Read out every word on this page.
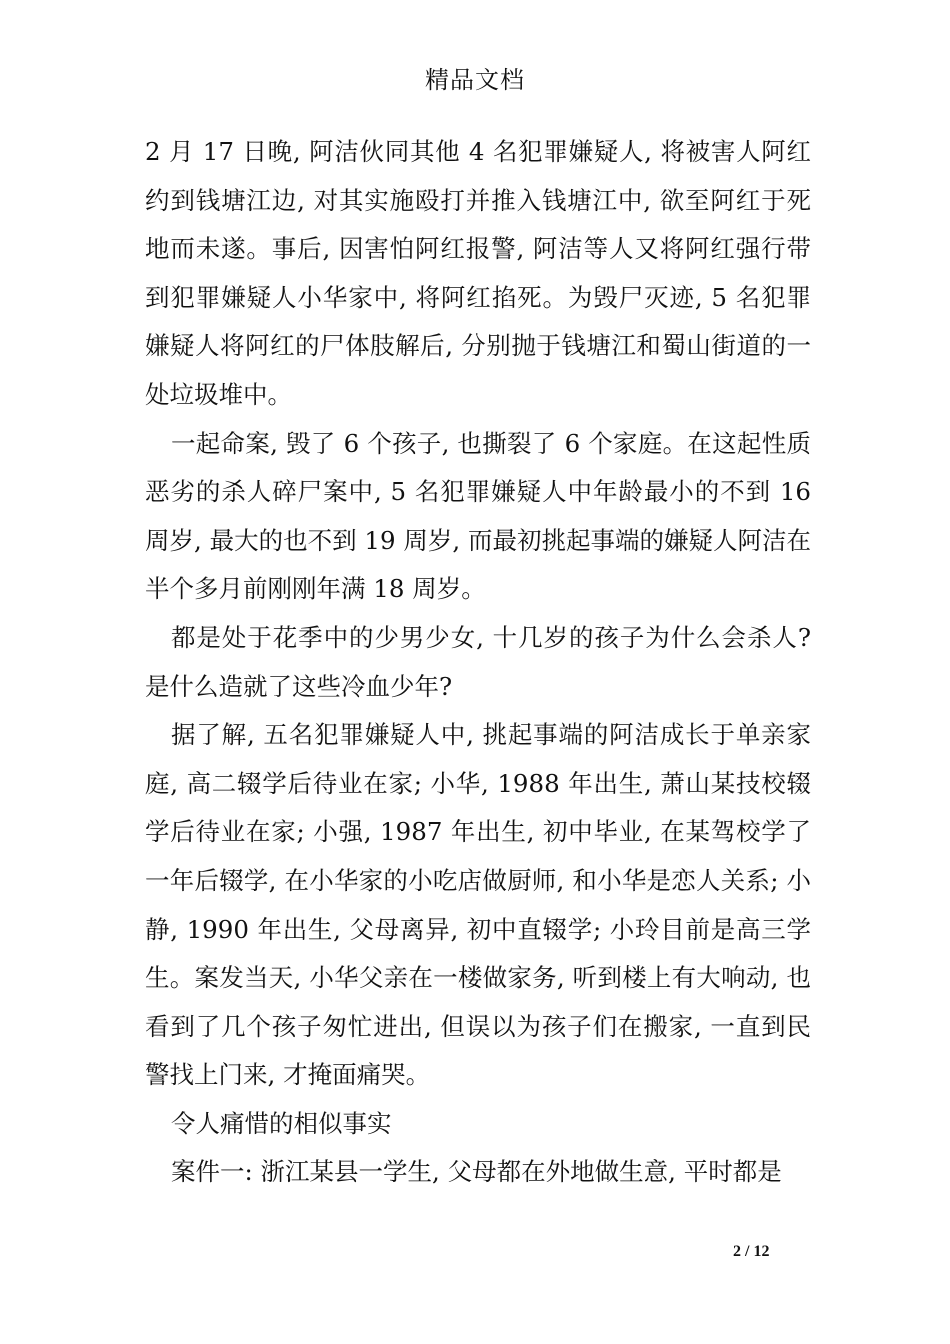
精品文档

2 月 17 日晚, 阿洁伙同其他 4 名犯罪嫌疑人, 将被害人阿红约到钱塘江边, 对其实施殴打并推入钱塘江中, 欲至阿红于死地而未遂。事后, 因害怕阿红报警, 阿洁等人又将阿红强行带到犯罪嫌疑人小华家中, 将阿红掐死。为毁尸灭迹, 5 名犯罪嫌疑人将阿红的尸体肢解后, 分别抛于钱塘江和蜀山街道的一处垃圾堆中。

一起命案, 毁了 6 个孩子, 也撕裂了 6 个家庭。在这起性质恶劣的杀人碎尸案中, 5 名犯罪嫌疑人中年龄最小的不到 16 周岁, 最大的也不到 19 周岁, 而最初挑起事端的嫌疑人阿洁在半个多月前刚刚年满 18 周岁。

都是处于花季中的少男少女, 十几岁的孩子为什么会杀人? 是什么造就了这些冷血少年?

据了解, 五名犯罪嫌疑人中, 挑起事端的阿洁成长于单亲家庭, 高二辍学后待业在家; 小华, 1988 年出生, 萧山某技校辍学后待业在家; 小强, 1987 年出生, 初中毕业, 在某驾校学了一年后辍学, 在小华家的小吃店做厨师, 和小华是恋人关系; 小静, 1990 年出生, 父母离异, 初中直辍学; 小玲目前是高三学生。案发当天, 小华父亲在一楼做家务, 听到楼上有大响动, 也看到了几个孩子匆忙进出, 但误以为孩子们在搬家, 一直到民警找上门来, 才掩面痛哭。

令人痛惜的相似事实

案件一: 浙江某县一学生, 父母都在外地做生意, 平时都是

2 / 12
